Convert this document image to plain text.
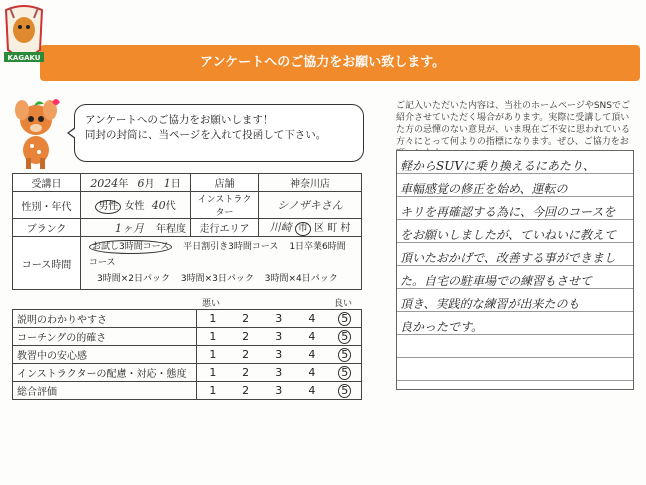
アンケートへのご協力をお願い致します。
KAGAKU
アンケートへのご協力をお願いします！
同封の封筒に、当ページを入れて投函して下さい。
受講日	2024年 6月 1日	店舗	神奈川店
性別・年代	男性 女性 40代	インストラクター	シノザキさん
ブランク	1ヶ月 年程度	走行エリア	川崎 市 区 町 村
コース時間	お試し3時間コース 平日割引き3時間コース 1日卒業6時間コース
3時間×2日パック 3時間×3日パック 3時間×4日パック		
悪い	良い
説明のわかりやすさ	1	2	3	4	5
コーチングの的確さ	1	2	3	4	5
教習中の安心感	1	2	3	4	5
インストラクターの配慮・対応・態度	1	2	3	4	5
総合評価	1	2	3	4	5
ご記入いただいた内容は、当社のホームページやSNSでご紹介させていただく場合があります。実際に受講して頂いた方の忌憚のない意見が、いま現在ご不安に思われている方々にとって何よりの指標になります。ぜひ、ご協力をお
軽からSUVに乗り換えるにあたり、
車幅感覚の修正を始め、運転の
キリを再確認する為に、今回のコースを
をお願いしましたが、ていねいに教えて
頂いたおかげで、改善する事ができまし
た。自宅の駐車場での練習もさせて
頂き、実践的な練習が出来たのも
良かったです。
